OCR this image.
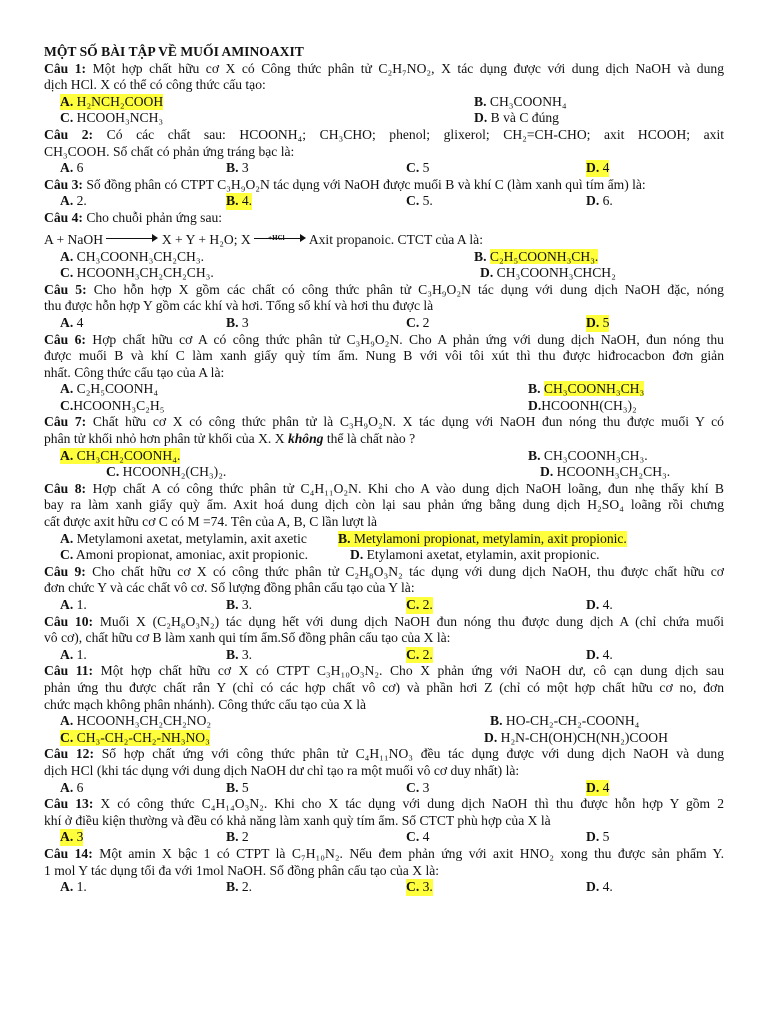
MỘT SỐ BÀI TẬP VỀ MUỐI AMINOAXIT
Câu 1: Một hợp chất hữu cơ X có Công thức phân tử C₂H₇NO₂, X tác dụng được với dung dịch NaOH và dung
dịch HCl. X có thể có công thức cấu tạo:
A. H₂NCH₂COOH	B. CH₃COONH₄
C. HCOOH₃NCH₃	D. B và C đúng
Câu 2: Có các chất sau: HCOONH₄; CH₃CHO; phenol; glixerol; CH₂=CH-CHO; axit HCOOH; axit
CH₃COOH. Số chất có phản ứng tráng bạc là:
A. 6	B. 3	C. 5	D. 4
Câu 3: Số đồng phân có CTPT C₃H₉O₂N tác dụng với NaOH được muối B và khí C (làm xanh quì tím ẩm) là:
A. 2.	B. 4.	C. 5.	D. 6.
Câu 4: Cho chuỗi phản ứng sau:
A + NaOH	X + Y + H₂O; X +HCl Axit propanoic. CTCT của A là:
A. CH₃COONH₃CH₂CH₃.	B. C₂H₅COONH₃CH₃.
C. HCOONH₃CH₂CH₂CH₃.	D. CH₃COONH₃CHCH₂
Câu 5: Cho hỗn hợp X gồm các chất có công thức phân tử C₃H₉O₂N tác dụng với dung dịch NaOH đặc, nóng
thu được hỗn hợp Y gồm các khí và hơi. Tổng số khí và hơi thu được là
A. 4	B. 3	C. 2	D. 5
Câu 6: Hợp chất hữu cơ A có công thức phân tử C₃H₉O₂N. Cho A phản ứng với dung dịch NaOH, đun nóng thu
được muối B và khí C làm xanh giấy quỳ tím ẩm. Nung B với vôi tôi xút thì thu được hiđrocacbon đơn giản
nhất. Công thức cấu tạo của A là:
A. C₂H₅COONH₄	B. CH₃COONH₃CH₃
C.HCOONH₃C₂H₅	D.HCOONH(CH₃)₂
Câu 7: Chất hữu cơ X có công thức phân tử là C₃H₉O₂N. X tác dụng với NaOH đun nóng thu được muối Y có
phân tử khối nhỏ hơn phân tử khối của X. X không thể là chất nào ?
A. CH₃CH₂COONH₄.	B. CH₃COONH₃CH₃.
C. HCOONH₂(CH₃)₂.	D. HCOONH₃CH₂CH₃.
Câu 8: Hợp chất A có công thức phân tử C₄H₁₁O₂N. Khi cho A vào dung dịch NaOH loãng, đun nhẹ thấy khí B
bay ra làm xanh giấy quỳ ẩm. Axit hoá dung dịch còn lại sau phản ứng bằng dung dịch H₂SO₄ loãng rồi chưng
cất được axit hữu cơ C có M =74. Tên của A, B, C lần lượt là
A. Metylamoni axetat, metylamin, axit axetic B. Metylamoni propionat, metylamin, axit propionic.
C. Amoni propionat, amoniac, axit propionic.	D. Etylamoni axetat, etylamin, axit propionic.
Câu 9: Cho chất hữu cơ X có công thức phân tử C₂H₈O₃N₂ tác dụng với dung dịch NaOH, thu được chất hữu cơ
đơn chức Y và các chất vô cơ. Số lượng đồng phân cấu tạo của Y là:
A. 1.	B. 3.	C. 2.	D. 4.
Câu 10: Muối X (C₂H₈O₃N₂) tác dụng hết với dung dịch NaOH đun nóng thu được dung dịch A (chỉ chứa muối
vô cơ), chất hữu cơ B làm xanh qui tím ẩm.Số đồng phân cấu tạo của X là:
A. 1.	B. 3.	C. 2.	D. 4.
Câu 11: Một hợp chất hữu cơ X có CTPT C₃H₁₀O₃N₂. Cho X phản ứng với NaOH dư, cô cạn dung dịch sau
phản ứng thu được chất rắn Y (chỉ có các hợp chất vô cơ) và phần hơi Z (chỉ có một hợp chất hữu cơ no, đơn
chức mạch không phân nhánh). Công thức cấu tạo của X là
A. HCOONH₃CH₂CH₂NO₂	B. HO-CH₂-CH₂-COONH₄
C. CH₃-CH₂-CH₂-NH₃NO₃	D. H₂N-CH(OH)CH(NH₂)COOH
Câu 12: Số hợp chất ứng với công thức phân tử C₄H₁₁NO₃ đều tác dụng được với dung dịch NaOH và dung
dịch HCl (khi tác dụng với dung dịch NaOH dư chỉ tạo ra một muối vô cơ duy nhất) là:
A. 6	B. 5	C. 3	D. 4
Câu 13: X có công thức C₄H₁₄O₃N₂. Khi cho X tác dụng với dung dịch NaOH thì thu được hỗn hợp Y gồm 2
khí ở điều kiện thường và đều có khả năng làm xanh quỳ tím ẩm. Số CTCT phù hợp của X là
A. 3	B. 2	C. 4	D. 5
Câu 14: Một amin X bậc 1 có CTPT là C₇H₁₀N₂. Nếu đem phản ứng với axit HNO₂ xong thu được sản phẩm Y.
1 mol Y tác dụng tối đa với 1mol NaOH. Số đồng phân cấu tạo của X là:
A. 1.	B. 2.	C. 3.	D. 4.
